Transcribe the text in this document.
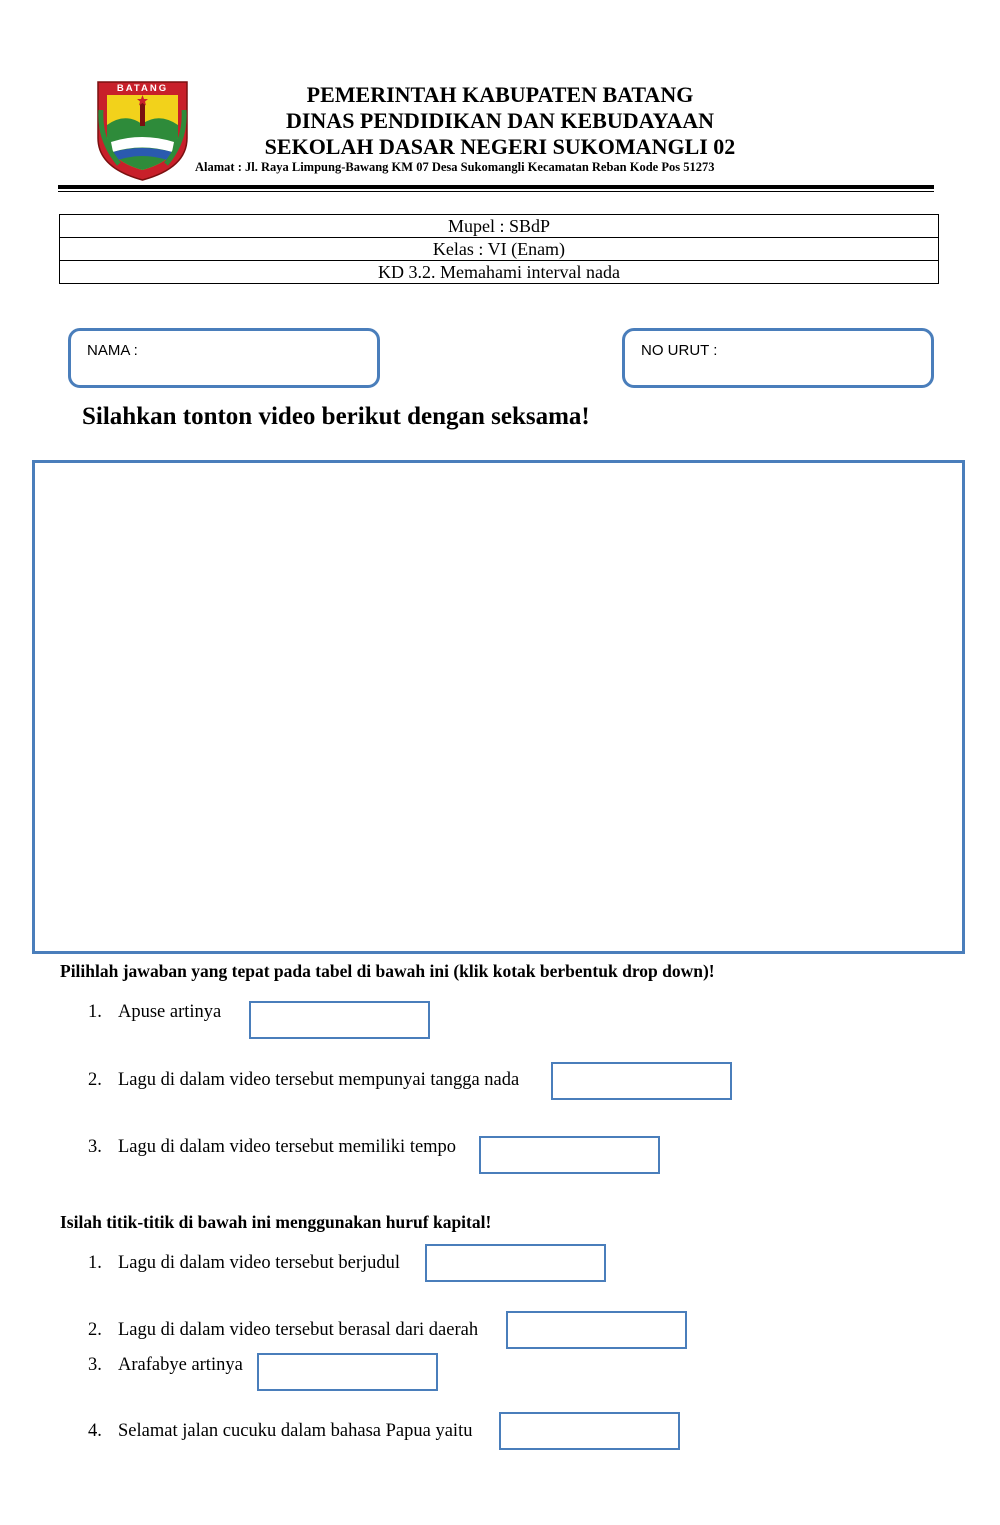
BATANG	PEMERINTAH KABUPATEN BATANG
DINAS PENDIDIKAN DAN KEBUDAYAAN
SEKOLAH DASAR NEGERI SUKOMANGLI 02
Alamat : Jl. Raya Limpung-Bawang KM 07 Desa Sukomangli Kecamatan Reban Kode Pos 51273
Mupel : SBdP
Kelas : VI (Enam)
KD 3.2. Memahami interval nada
NAMA :	NO URUT :
Silahkan tonton video berikut dengan seksama!
Pilihlah jawaban yang tepat pada tabel di bawah ini (klik kotak berbentuk drop down)!
1. Apuse artinya
2. Lagu di dalam video tersebut mempunyai tangga nada
3. Lagu di dalam video tersebut memiliki tempo
Isilah titik-titik di bawah ini menggunakan huruf kapital!
1. Lagu di dalam video tersebut berjudul
2. Lagu di dalam video tersebut berasal dari daerah
3. Arafabye artinya
4. Selamat jalan cucuku dalam bahasa Papua yaitu
